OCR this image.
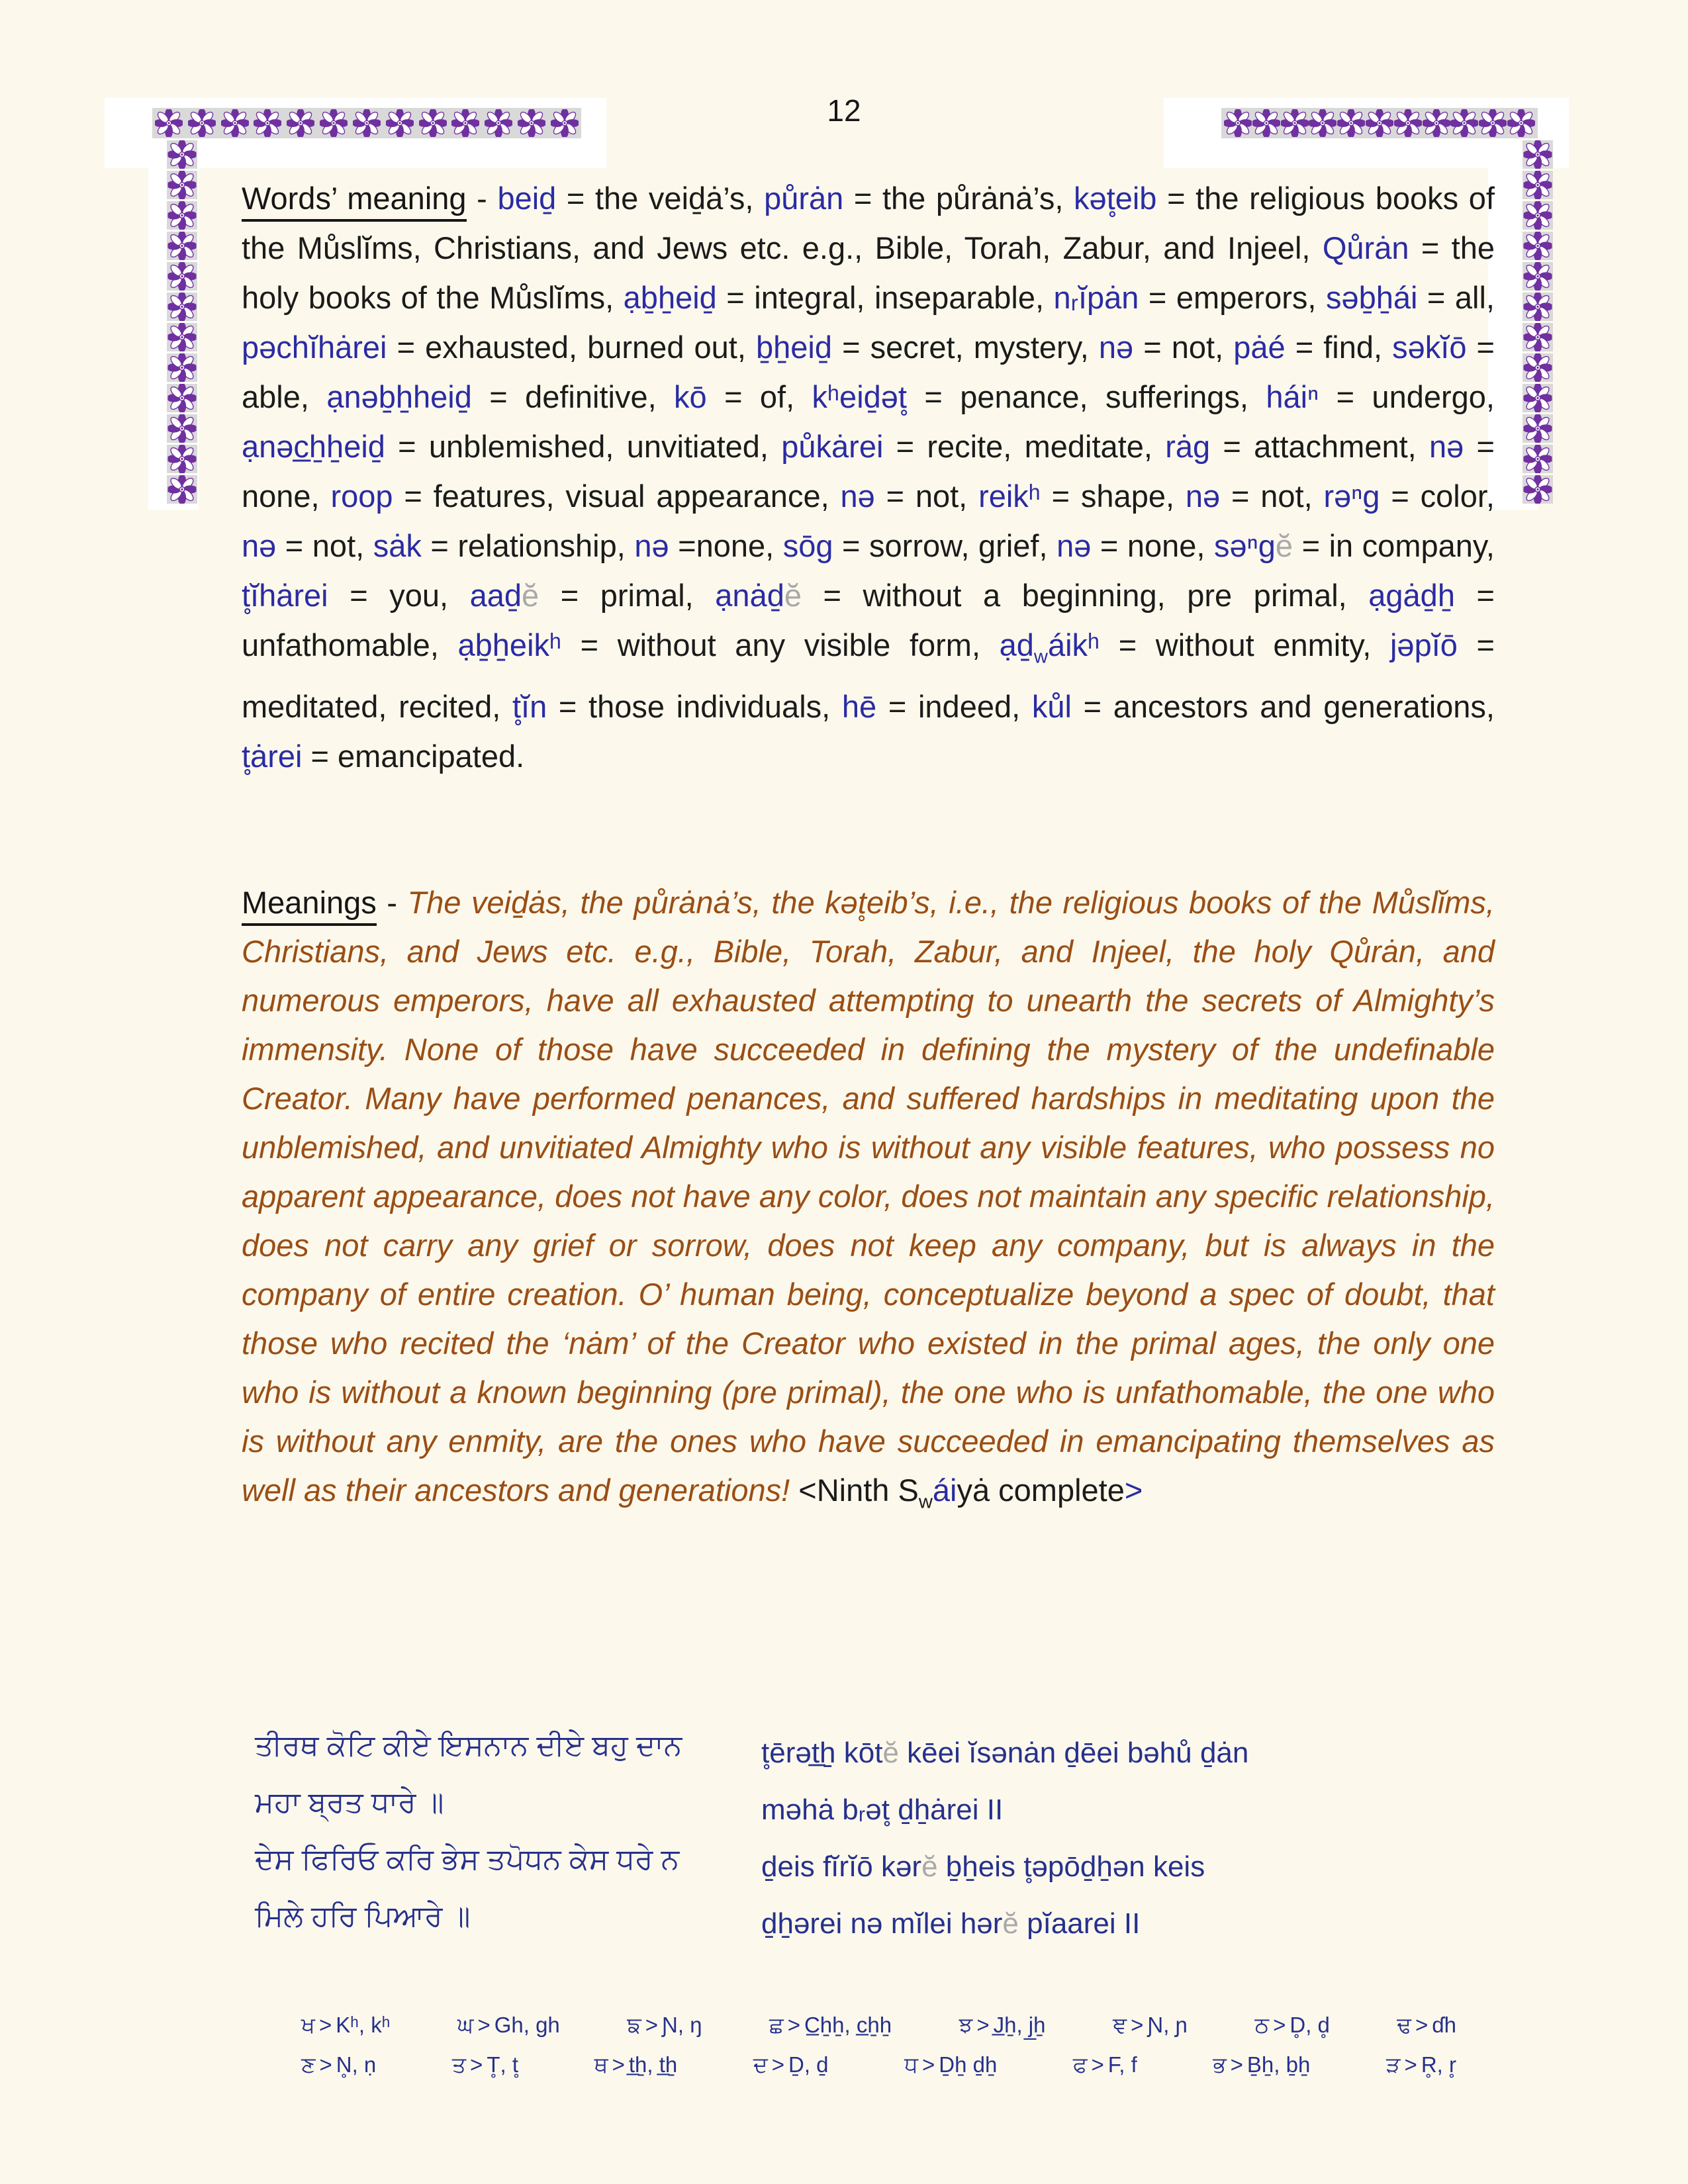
12

Words’ meaning - beiḏ = the veiḏȧ’s, půrȧn = the půrȧnȧ’s, kət̥eib = the religious books of the Můslĭms, Christians, and Jews etc. e.g., Bible, Torah, Zabur, and Injeel, Qůrȧn = the holy books of the Můslĭms, ạḇẖeiḏ = integral, inseparable, nᵣĭpȧn = emperors, səḇẖái = all, pəchĭhȧrei = exhausted, burned out, ḇẖeiḏ = secret, mystery, nə = not, pȧé = find, səkĭō = able, ạnəḇẖheiḏ = definitive, kō = of, kʰeiḏət̥ = penance, sufferings, háiⁿ = undergo, ạnəc̲ẖẖeiḏ = unblemished, unvitiated, půkȧrei = recite, meditate, rȧg = attachment, nə = none, roop = features, visual appearance, nə = not, reikʰ = shape, nə = not, rəⁿg = color, nə = not, sȧk = relationship, nə =none, sōg = sorrow, grief, nə = none, səⁿgĕ = in company, t̥ĭhȧrei = you, aaḏĕ = primal, ạnȧḏĕ = without a beginning, pre primal, ạgȧḏẖ = unfathomable, ạḇẖeikʰ = without any visible form, ạḏ$_w$áikʰ = without enmity, jəpĭō = meditated, recited, t̥ĭn = those individuals, hē = indeed, kůl = ancestors and generations, t̥ȧrei = emancipated.

Meanings - The veiḏȧs, the půrȧnȧ’s, the kət̥eib’s, i.e., the religious books of the Můslĭms, Christians, and Jews etc. e.g., Bible, Torah, Zabur, and Injeel, the holy Qůrȧn, and numerous emperors, have all exhausted attempting to unearth the secrets of Almighty’s immensity. None of those have succeeded in defining the mystery of the undefinable Creator. Many have performed penances, and suffered hardships in meditating upon the unblemished, and unvitiated Almighty who is without any visible features, who possess no apparent appearance, does not have any color, does not maintain any specific relationship, does not carry any grief or sorrow, does not keep any company, but is always in the company of entire creation. O’ human being, conceptualize beyond a spec of doubt, that those who recited the ‘nȧm’ of the Creator who existed in the primal ages, the only one who is without a known beginning (pre primal), the one who is unfathomable, the one who is without any enmity, are the ones who have succeeded in emancipating themselves as well as their ancestors and generations! <Ninth $S_wáiyȧ$ complete>

ਤੀਰਥ ਕੋਟਿ ਕੀਏ ਇਸਨਾਨ ਦੀਏ ਬਹੁ ਦਾਨ
ਮਹਾ ਬ੍ਰਤ ਧਾਰੇ ॥
ਦੇਸ ਫਿਰਿਓ ਕਰਿ ਭੇਸ ਤਪੋਧਨ ਕੇਸ ਧਰੇ ਨ
ਮਿਲੇ ਹਰਿ ਪਿਆਰੇ ॥
t̥ērət̲ẖ kōtĕ kēei ĭsənȧn ḏēei bəhů ḏȧn
məhȧ bᵣət̥ ḏẖȧrei II
ḏeis fĭrĭō kərĕ ḇẖeis t̥əpōḏẖən keis
ḏẖərei nə mĭlei hərĕ pĭaarei II
ਖ > Kʰ, kʰ	ਘ > Gh, gh	ਙ > Ɲ, ŋ	ਛ > C̲ẖẖ, c̲ẖẖ	ਝ > J̲ẖ, j̲ẖ	ਞ > Ɲ, ɲ	ਠ > D̥, d̥	ਢ > ɗh
ਣ > N̥, ṇ	ਤ > T̥, t̥	ਥ > t̲ẖ, t̲ẖ	ਦ > Ḏ, ḏ	ਧ > Ḏẖ ḏẖ	ਫ > F, f	ਭ > Ḇẖ, ḇẖ	ੜ > R̥, r̥
